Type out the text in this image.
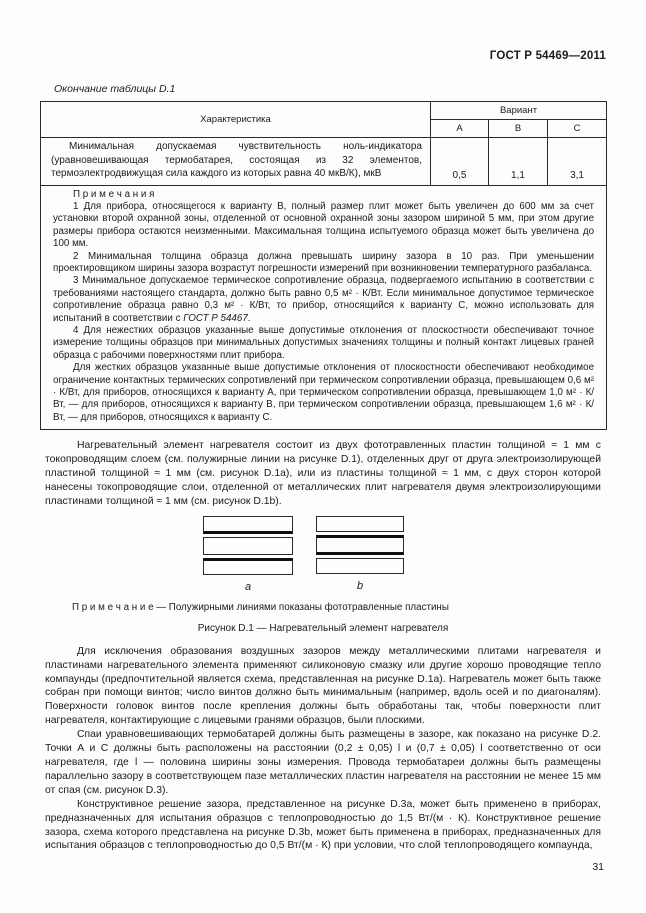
ГОСТ Р 54469—2011
Окончание таблицы D.1
Характеристика	Вариант		
	А	В	С
Минимальная допускаемая чувствительность ноль-индикатора (уравновешивающая термобатарея, состоящая из 32 элементов, термоэлектродвижущая сила каждого из которых равна 40 мкВ/К), мкВ	0,5	1,1	3,1

П р и м е ч а н и я

1 Для прибора, относящегося к варианту В, полный размер плит может быть увеличен до 600 мм за счет установки второй охранной зоны, отделенной от основной охранной зоны зазором шириной 5 мм, при этом другие размеры прибора остаются неизменными. Максимальная толщина испытуемого образца может быть увеличена до 100 мм.

2 Минимальная толщина образца должна превышать ширину зазора в 10 раз. При уменьшении проектировщиком ширины зазора возрастут погрешности измерений при возникновении температурного разбаланса.

3 Минимальное допускаемое термическое сопротивление образца, подвергаемого испытанию в соответствии с требованиями настоящего стандарта, должно быть равно 0,5 м² · К/Вт. Если минимальное допустимое термическое сопротивление образца равно 0,3 м² · К/Вт, то прибор, относящийся к варианту С, можно использовать для испытаний в соответствии с ГОСТ Р 54467.

4 Для нежестких образцов указанные выше допустимые отклонения от плоскостности обеспечивают точное измерение толщины образцов при минимальных допустимых значениях толщины и полный контакт лицевых граней образца с рабочими поверхностями плит прибора.

Для жестких образцов указанные выше допустимые отклонения от плоскостности обеспечивают необходимое ограничение контактных термических сопротивлений при термическом сопротивлении образца, превышающем 0,6 м² · К/Вт, для приборов, относящихся к варианту А, при термическом сопротивлении образца, превышающем 1,0 м² · К/Вт, — для приборов, относящихся к варианту В, при термическом сопротивлении образца, превышающем 1,6 м² · К/Вт, — для приборов, относящихся к варианту С.

Нагревательный элемент нагревателя состоит из двух фототравленных пластин толщиной ≈ 1 мм с токопроводящим слоем (см. полужирные линии на рисунке D.1), отделенных друг от друга электроизолирующей пластиной толщиной ≈ 1 мм (см. рисунок D.1a), или из пластины толщиной ≈ 1 мм, с двух сторон которой нанесены токопроводящие слои, отделенной от металлических плит нагревателя двумя электроизолирующими пластинами толщиной ≈ 1 мм (см. рисунок D.1b).

a	b

П р и м е ч а н и е — Полужирными линиями показаны фототравленные пластины

Рисунок D.1 — Нагревательный элемент нагревателя

Для исключения образования воздушных зазоров между металлическими плитами нагревателя и пластинами нагревательного элемента применяют силиконовую смазку или другие хорошо проводящие тепло компаунды (предпочтительной является схема, представленная на рисунке D.1a). Нагреватель может быть также собран при помощи винтов; число винтов должно быть минимальным (например, вдоль осей и по диагоналям). Поверхности головок винтов после крепления должны быть обработаны так, чтобы поверхности плит нагревателя, контактирующие с лицевыми гранями образцов, были плоскими.

Спаи уравновешивающих термобатарей должны быть размещены в зазоре, как показано на рисунке D.2. Точки А и С должны быть расположены на расстоянии (0,2 ± 0,05) l и (0,7 ± 0,05) l соответственно от оси нагревателя, где l — половина ширины зоны измерения. Провода термобатареи должны быть размещены параллельно зазору в соответствующем пазе металлических пластин нагревателя на расстоянии не менее 15 мм от спая (см. рисунок D.3).

Конструктивное решение зазора, представленное на рисунке D.3a, может быть применено в приборах, предназначенных для испытания образцов с теплопроводностью до 1,5 Вт/(м · К). Конструктивное решение зазора, схема которого представлена на рисунке D.3b, может быть применена в приборах, предназначенных для испытания образцов с теплопроводностью до 0,5 Вт/(м · К) при условии, что слой теплопроводящего компаунда,

31
